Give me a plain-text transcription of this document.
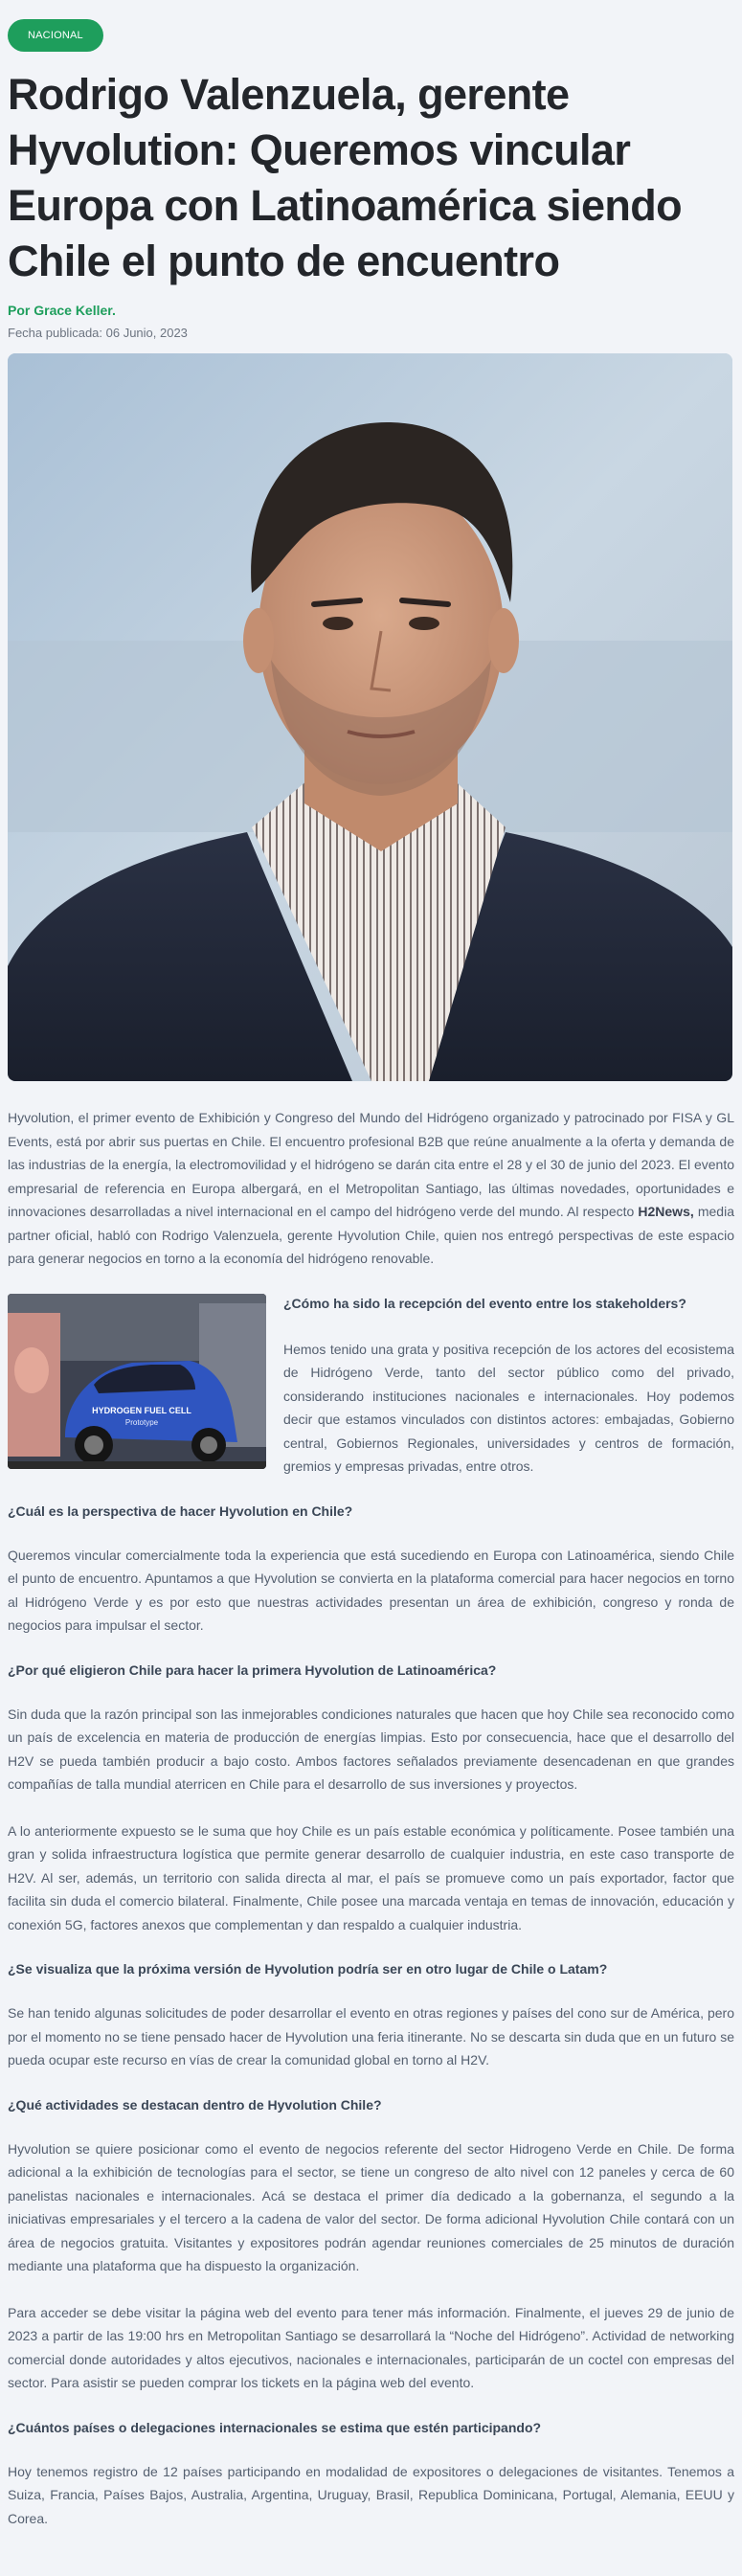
NACIONAL
Rodrigo Valenzuela, gerente Hyvolution: Queremos vincular Europa con Latinoamérica siendo Chile el punto de encuentro
Por Grace Keller.
Fecha publicada: 06 Junio, 2023

Hyvolution, el primer evento de Exhibición y Congreso del Mundo del Hidrógeno organizado y patrocinado por FISA y GL Events, está por abrir sus puertas en Chile. El encuentro profesional B2B que reúne anualmente a la oferta y demanda de las industrias de la energía, la electromovilidad y el hidrógeno se darán cita entre el 28 y el 30 de junio del 2023. El evento empresarial de referencia en Europa albergará, en el Metropolitan Santiago, las últimas novedades, oportunidades e innovaciones desarrolladas a nivel internacional en el campo del hidrógeno verde del mundo. Al respecto H2News, media partner oficial, habló con Rodrigo Valenzuela, gerente Hyvolution Chile, quien nos entregó perspectivas de este espacio para generar negocios en torno a la economía del hidrógeno renovable.

HYDROGEN FUEL CELL
Prototype
¿Cómo ha sido la recepción del evento entre los stakeholders?

Hemos tenido una grata y positiva recepción de los actores del ecosistema de Hidrógeno Verde, tanto del sector público como del privado, considerando instituciones nacionales e internacionales. Hoy podemos decir que estamos vinculados con distintos actores: embajadas, Gobierno central, Gobiernos Regionales, universidades y centros de formación, gremios y empresas privadas, entre otros.

¿Cuál es la perspectiva de hacer Hyvolution en Chile?

Queremos vincular comercialmente toda la experiencia que está sucediendo en Europa con Latinoamérica, siendo Chile el punto de encuentro. Apuntamos a que Hyvolution se convierta en la plataforma comercial para hacer negocios en torno al Hidrógeno Verde y es por esto que nuestras actividades presentan un área de exhibición, congreso y ronda de negocios para impulsar el sector.

¿Por qué eligieron Chile para hacer la primera Hyvolution de Latinoamérica?

Sin duda que la razón principal son las inmejorables condiciones naturales que hacen que hoy Chile sea reconocido como un país de excelencia en materia de producción de energías limpias. Esto por consecuencia, hace que el desarrollo del H2V se pueda también producir a bajo costo. Ambos factores señalados previamente desencadenan en que grandes compañías de talla mundial aterricen en Chile para el desarrollo de sus inversiones y proyectos.

A lo anteriormente expuesto se le suma que hoy Chile es un país estable económica y políticamente. Posee también una gran y solida infraestructura logística que permite generar desarrollo de cualquier industria, en este caso transporte de H2V. Al ser, además, un territorio con salida directa al mar, el país se promueve como un país exportador, factor que facilita sin duda el comercio bilateral. Finalmente, Chile posee una marcada ventaja en temas de innovación, educación y conexión 5G, factores anexos que complementan y dan respaldo a cualquier industria.

¿Se visualiza que la próxima versión de Hyvolution podría ser en otro lugar de Chile o Latam?

Se han tenido algunas solicitudes de poder desarrollar el evento en otras regiones y países del cono sur de América, pero por el momento no se tiene pensado hacer de Hyvolution una feria itinerante. No se descarta sin duda que en un futuro se pueda ocupar este recurso en vías de crear la comunidad global en torno al H2V.

¿Qué actividades se destacan dentro de Hyvolution Chile?

Hyvolution se quiere posicionar como el evento de negocios referente del sector Hidrogeno Verde en Chile. De forma adicional a la exhibición de tecnologías para el sector, se tiene un congreso de alto nivel con 12 paneles y cerca de 60 panelistas nacionales e internacionales. Acá se destaca el primer día dedicado a la gobernanza, el segundo a la iniciativas empresariales y el tercero a la cadena de valor del sector. De forma adicional Hyvolution Chile contará con un área de negocios gratuita. Visitantes y expositores podrán agendar reuniones comerciales de 25 minutos de duración mediante una plataforma que ha dispuesto la organización.

Para acceder se debe visitar la página web del evento para tener más información. Finalmente, el jueves 29 de junio de 2023 a partir de las 19:00 hrs en Metropolitan Santiago se desarrollará la “Noche del Hidrógeno”. Actividad de networking comercial donde autoridades y altos ejecutivos, nacionales e internacionales, participarán de un coctel con empresas del sector. Para asistir se pueden comprar los tickets en la página web del evento.

¿Cuántos países o delegaciones internacionales se estima que estén participando?

Hoy tenemos registro de 12 países participando en modalidad de expositores o delegaciones de visitantes. Tenemos a Suiza, Francia, Países Bajos, Australia, Argentina, Uruguay, Brasil, Republica Dominicana, Portugal, Alemania, EEUU y Corea.
